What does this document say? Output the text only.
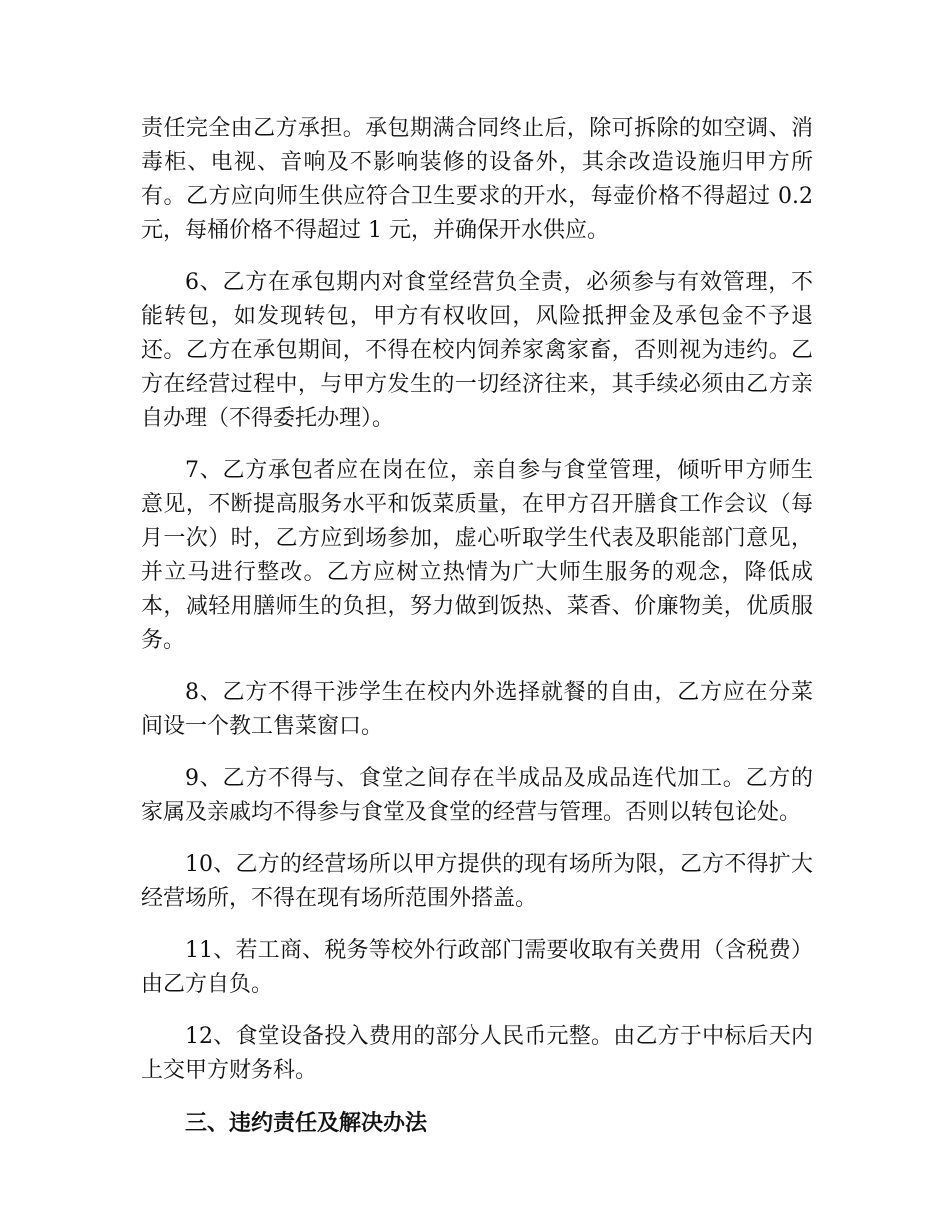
责任完全由乙方承担。承包期满合同终止后，除可拆除的如空调、消毒柜、电视、音响及不影响装修的设备外，其余改造设施归甲方所有。乙方应向师生供应符合卫生要求的开水，每壶价格不得超过 0.2 元，每桶价格不得超过 1 元，并确保开水供应。

6、乙方在承包期内对食堂经营负全责，必须参与有效管理，不能转包，如发现转包，甲方有权收回，风险抵押金及承包金不予退还。乙方在承包期间，不得在校内饲养家禽家畜，否则视为违约。乙方在经营过程中，与甲方发生的一切经济往来，其手续必须由乙方亲自办理（不得委托办理）。

7、乙方承包者应在岗在位，亲自参与食堂管理，倾听甲方师生意见，不断提高服务水平和饭菜质量，在甲方召开膳食工作会议（每月一次）时，乙方应到场参加，虚心听取学生代表及职能部门意见，并立马进行整改。乙方应树立热情为广大师生服务的观念，降低成本，减轻用膳师生的负担，努力做到饭热、菜香、价廉物美，优质服务。

8、乙方不得干涉学生在校内外选择就餐的自由，乙方应在分菜间设一个教工售菜窗口。

9、乙方不得与、食堂之间存在半成品及成品连代加工。乙方的家属及亲戚均不得参与食堂及食堂的经营与管理。否则以转包论处。

10、乙方的经营场所以甲方提供的现有场所为限，乙方不得扩大经营场所，不得在现有场所范围外搭盖。

11、若工商、税务等校外行政部门需要收取有关费用（含税费）由乙方自负。

12、食堂设备投入费用的部分人民币元整。由乙方于中标后天内上交甲方财务科。

三、违约责任及解决办法
